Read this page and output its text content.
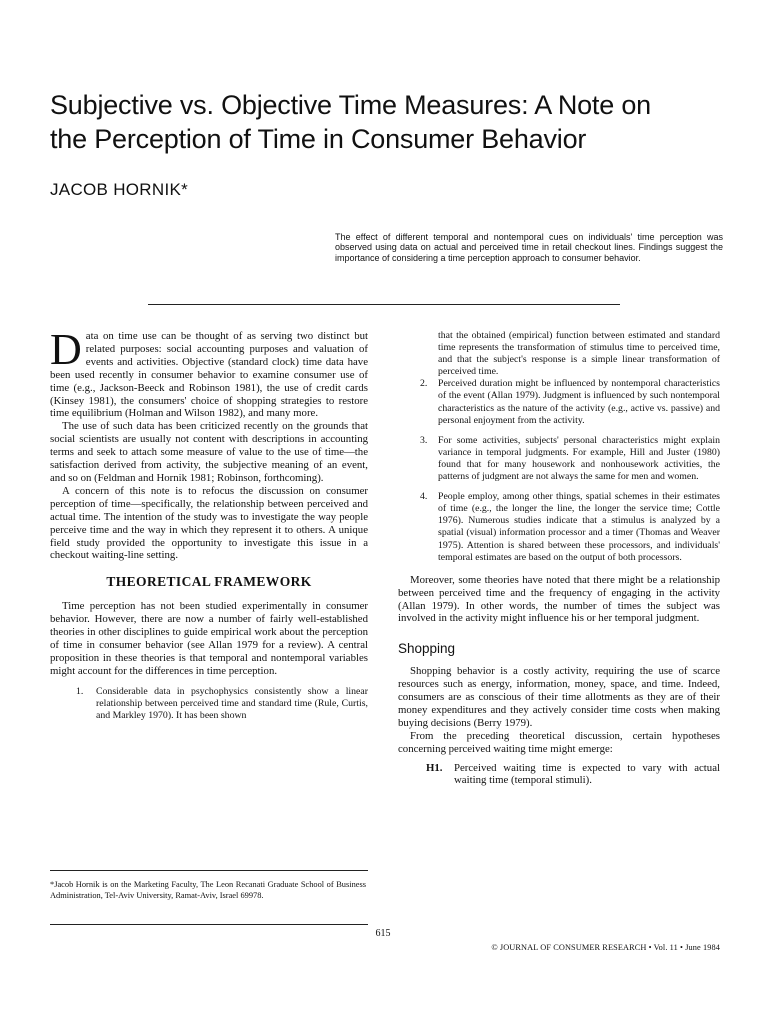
Subjective vs. Objective Time Measures: A Note on the Perception of Time in Consumer Behavior
JACOB HORNIK*
The effect of different temporal and nontemporal cues on individuals' time perception was observed using data on actual and perceived time in retail checkout lines. Findings suggest the importance of considering a time perception approach to consumer behavior.

Data on time use can be thought of as serving two distinct but related purposes: social accounting purposes and valuation of events and activities. Objective (standard clock) time data have been used recently in consumer behavior to examine consumer use of time (e.g., Jackson-Beeck and Robinson 1981), the use of credit cards (Kinsey 1981), the consumers' choice of shopping strategies to restore time equilibrium (Holman and Wilson 1982), and many more.

The use of such data has been criticized recently on the grounds that social scientists are usually not content with descriptions in accounting terms and seek to attach some measure of value to the use of time—the satisfaction derived from activity, the subjective meaning of an event, and so on (Feldman and Hornik 1981; Robinson, forthcoming).

A concern of this note is to refocus the discussion on consumer perception of time—specifically, the relationship between perceived and actual time. The intention of the study was to investigate the way people perceive time and the way in which they represent it to others. A unique field study provided the opportunity to investigate this issue in a checkout waiting-line setting.

THEORETICAL FRAMEWORK

Time perception has not been studied experimentally in consumer behavior. However, there are now a number of fairly well-established theories in other disciplines to guide empirical work about the perception of time in consumer behavior (see Allan 1979 for a review). A central proposition in these theories is that temporal and nontemporal variables might account for the differences in time perception.

1. Considerable data in psychophysics consistently show a linear relationship between perceived time and standard time (Rule, Curtis, and Markley 1970). It has been shown

that the obtained (empirical) function between estimated and standard time represents the transformation of stimulus time to perceived time, and that the subject's response is a simple linear transformation of perceived time.

2. Perceived duration might be influenced by nontemporal characteristics of the event (Allan 1979). Judgment is influenced by such nontemporal characteristics as the nature of the activity (e.g., active vs. passive) and personal enjoyment from the activity.
3. For some activities, subjects' personal characteristics might explain variance in temporal judgments. For example, Hill and Juster (1980) found that for many housework and nonhousework activities, the patterns of judgment are not always the same for men and women.
4. People employ, among other things, spatial schemes in their estimates of time (e.g., the longer the line, the longer the service time; Cottle 1976). Numerous studies indicate that a stimulus is analyzed by a spatial (visual) information processor and a timer (Thomas and Weaver 1975). Attention is shared between these processors, and individuals' temporal estimates are based on the output of both processors.

Moreover, some theories have noted that there might be a relationship between perceived time and the frequency of engaging in the activity (Allan 1979). In other words, the number of times the subject was involved in the activity might influence his or her temporal judgment.

Shopping

Shopping behavior is a costly activity, requiring the use of scarce resources such as energy, information, money, space, and time. Indeed, consumers are as conscious of their time allotments as they are of their money expenditures and they actively consider time costs when making buying decisions (Berry 1979).

From the preceding theoretical discussion, certain hypotheses concerning perceived waiting time might emerge:

H1. Perceived waiting time is expected to vary with actual waiting time (temporal stimuli).
*Jacob Hornik is on the Marketing Faculty, The Leon Recanati Graduate School of Business Administration, Tel-Aviv University, Ramat-Aviv, Israel 69978.
615
© JOURNAL OF CONSUMER RESEARCH • Vol. 11 • June 1984
